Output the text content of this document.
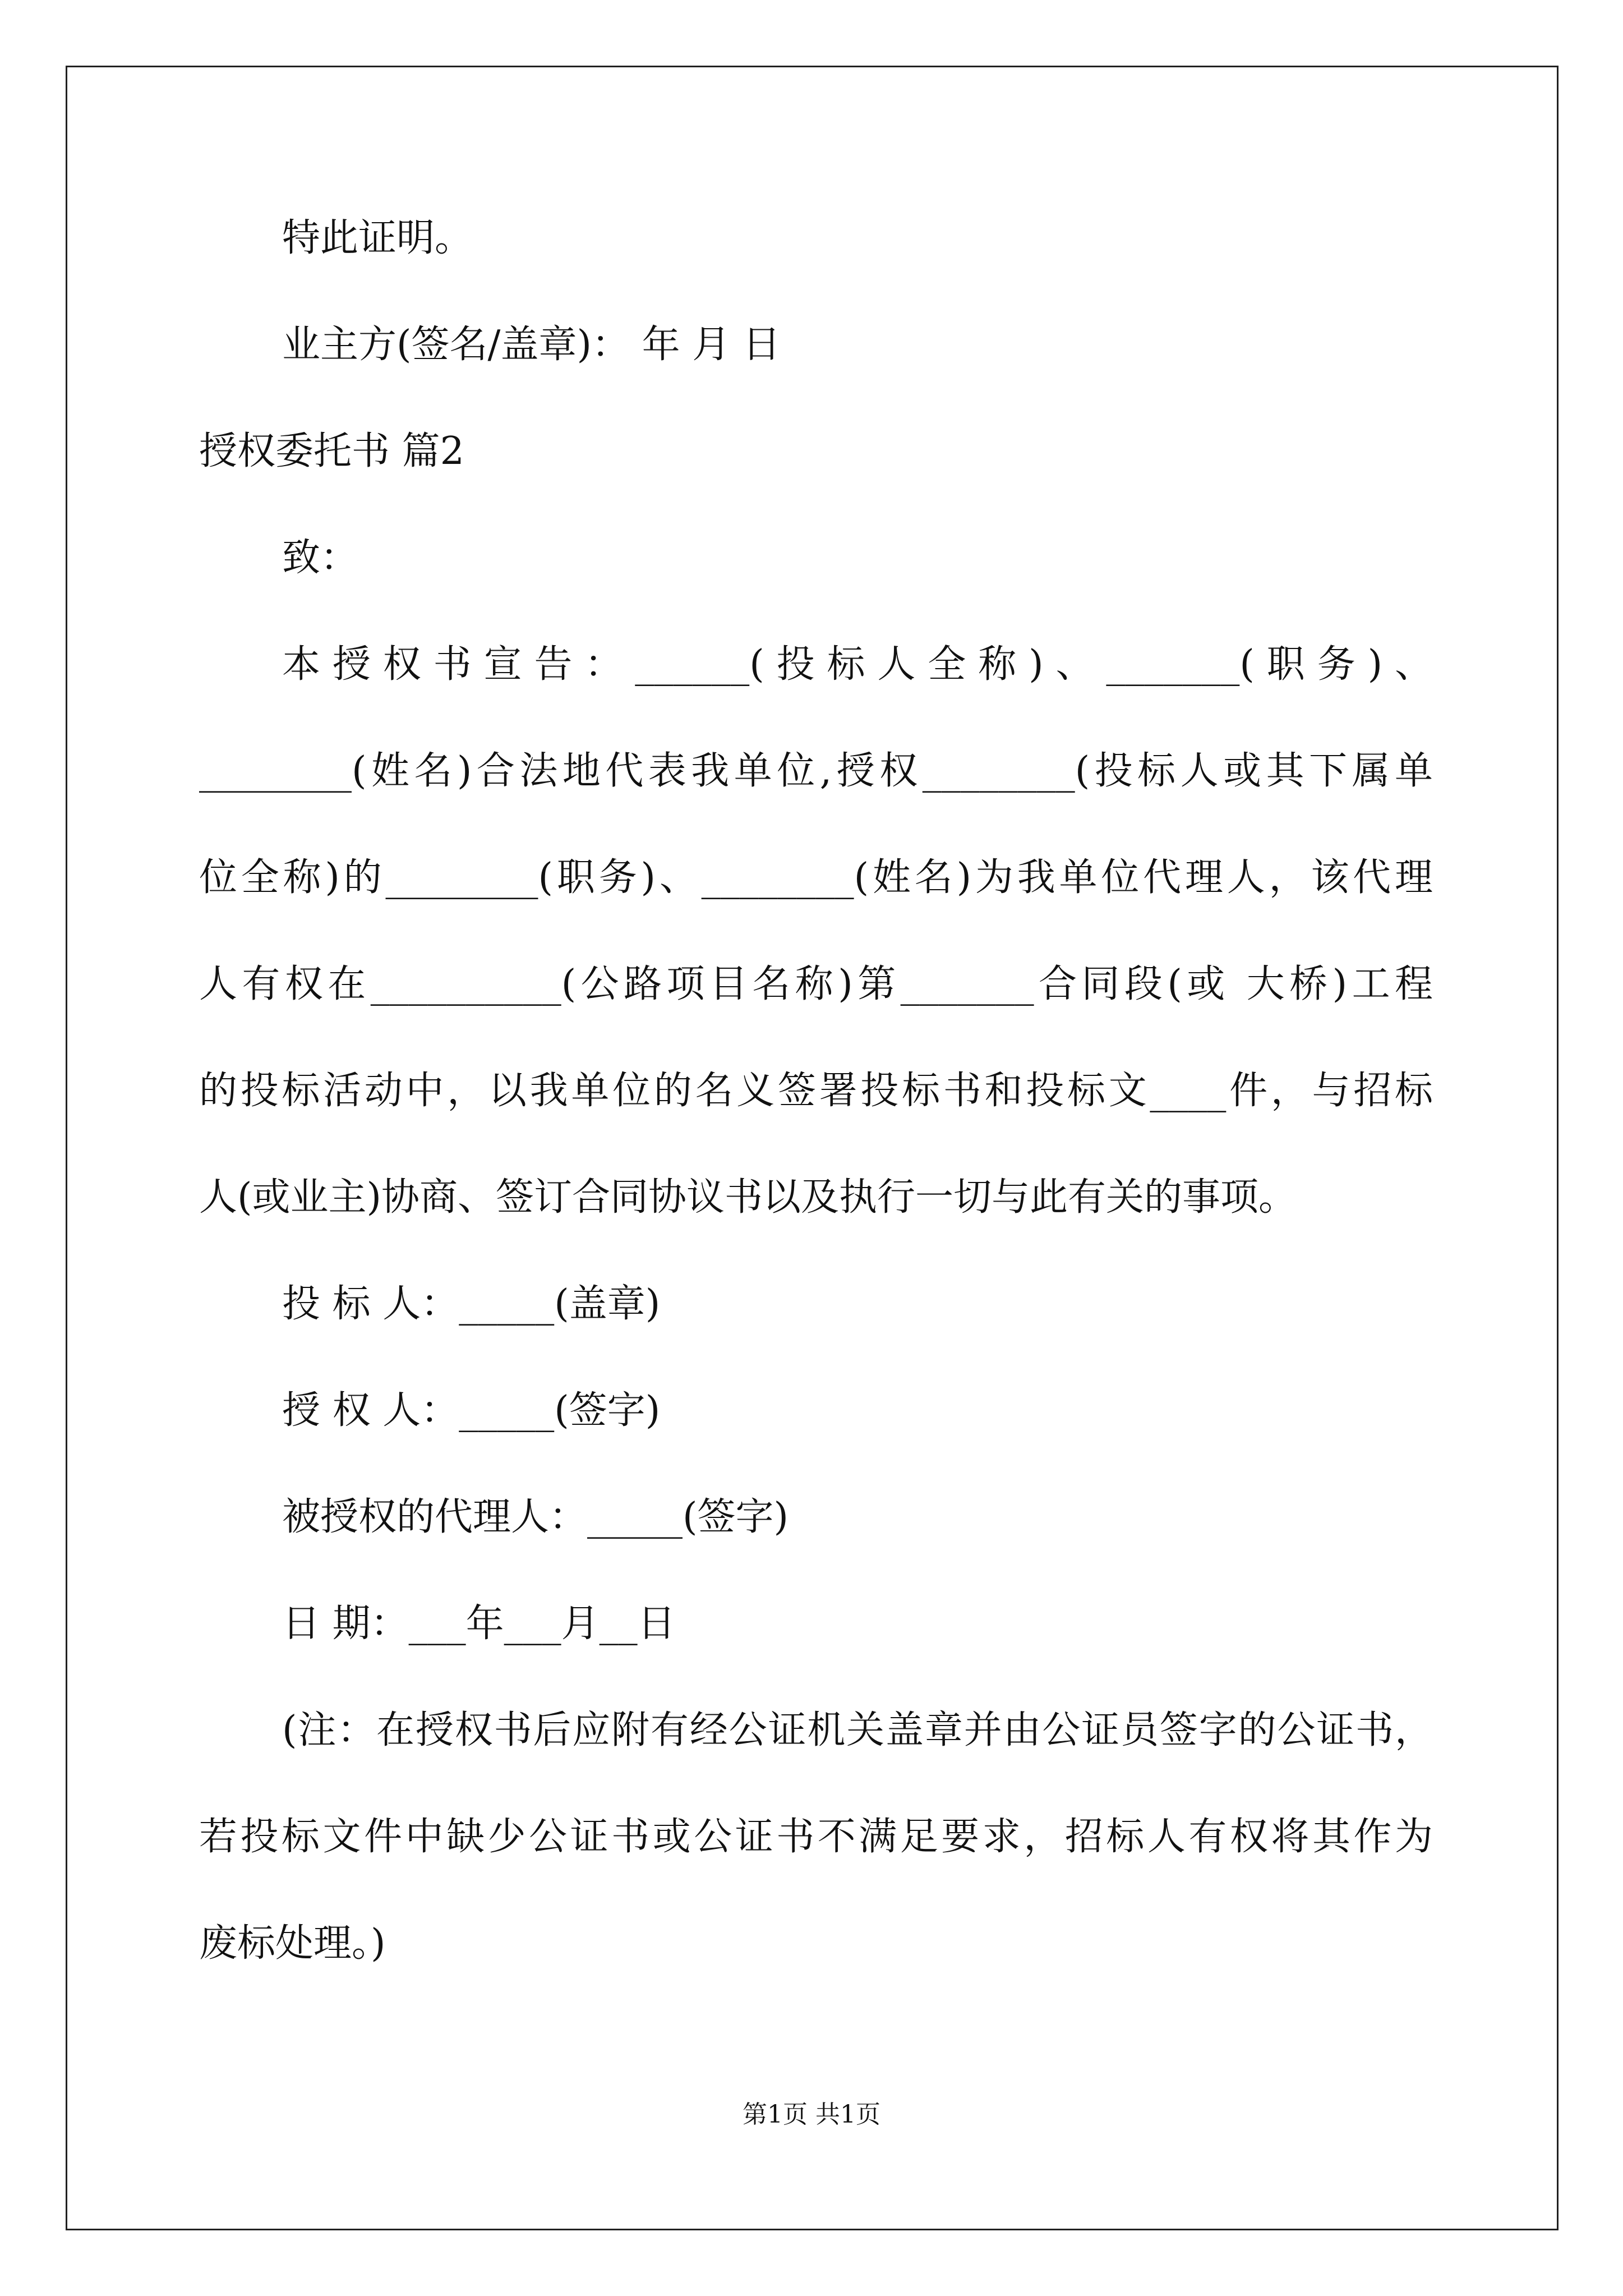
特此证明。
业主方(签名/盖章)： 年 月 日
授权委托书 篇2
致：
本授权书宣告：______(投标人全称)、_______(职务)、
________(姓名)合法地代表我单位,授权________(投标人或其下属单
位全称)的________(职务)、________(姓名)为我单位代理人，该代理
人有权在__________(公路项目名称)第_______合同段(或 大桥)工程
的投标活动中，以我单位的名义签署投标书和投标文____件，与招标
人(或业主)协商、签订合同协议书以及执行一切与此有关的事项。
投 标 人：_____(盖章)
授 权 人：_____(签字)
被授权的代理人：_____(签字)
日 期：___年___月__日
(注：在授权书后应附有经公证机关盖章并由公证员签字的公证书，
若投标文件中缺少公证书或公证书不满足要求，招标人有权将其作为
废标处理。)
第1页 共1页
